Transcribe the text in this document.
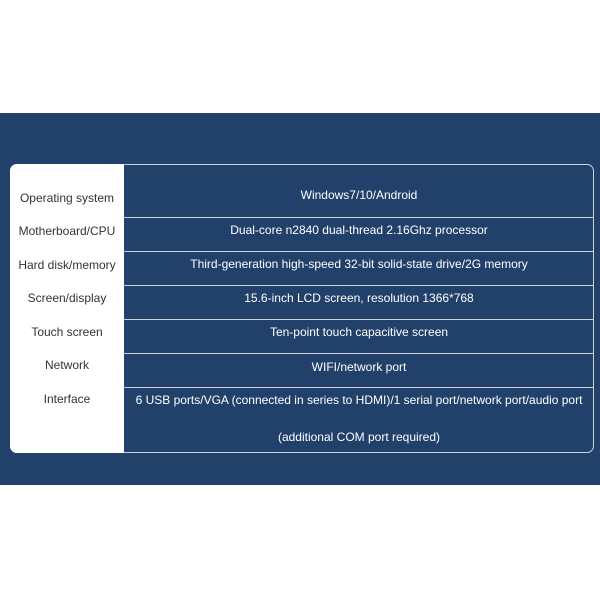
Operating system
Motherboard/CPU
Hard disk/memory
Screen/display
Touch screen
Network
Interface
Windows7/10/Android
Dual-core n2840 dual-thread 2.16Ghz processor
Third-generation high-speed 32-bit solid-state drive/2G memory
15.6-inch LCD screen, resolution 1366*768
Ten-point touch capacitive screen
WIFI/network port
6 USB ports/VGA (connected in series to HDMI)/1 serial port/network port/audio port (additional COM port required)
